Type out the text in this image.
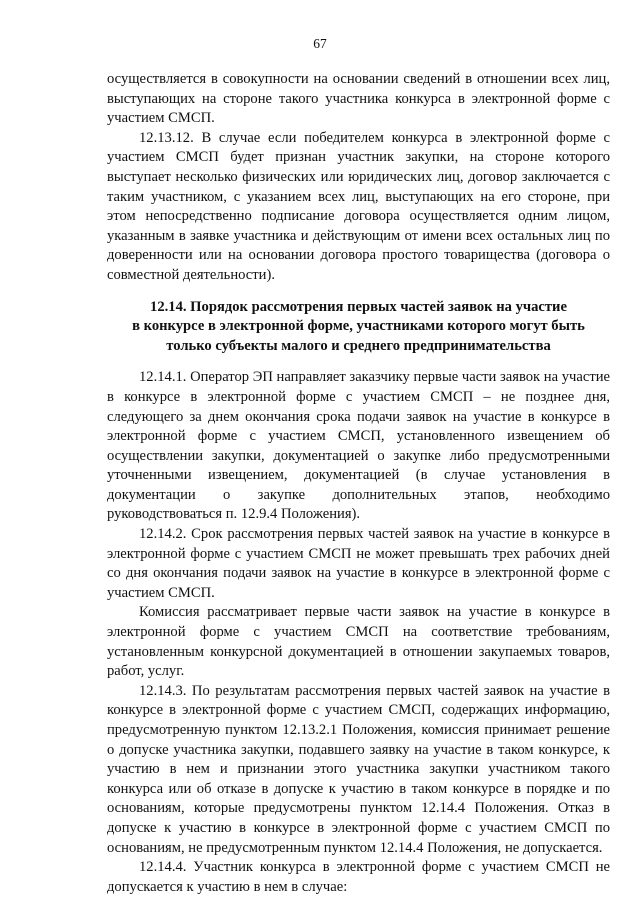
67

осуществляется в совокупности на основании сведений в отношении всех лиц, выступающих на стороне такого участника конкурса в электронной форме с участием СМСП.

12.13.12. В случае если победителем конкурса в электронной форме с участием СМСП будет признан участник закупки, на стороне которого выступает несколько физических или юридических лиц, договор заключается с таким участником, с указанием всех лиц, выступающих на его стороне, при этом непосредственно подписание договора осуществляется одним лицом, указанным в заявке участника и действующим от имени всех остальных лиц по доверенности или на основании договора простого товарищества (договора о совместной деятельности).

12.14. Порядок рассмотрения первых частей заявок на участие
в конкурсе в электронной форме, участниками которого могут быть
только субъекты малого и среднего предпринимательства

12.14.1. Оператор ЭП направляет заказчику первые части заявок на участие в конкурсе в электронной форме с участием СМСП – не позднее дня, следующего за днем окончания срока подачи заявок на участие в конкурсе в электронной форме с участием СМСП, установленного извещением об осуществлении закупки, документацией о закупке либо предусмотренными уточненными извещением, документацией (в случае установления в документации о закупке дополнительных этапов, необходимо руководствоваться п. 12.9.4 Положения).

12.14.2. Срок рассмотрения первых частей заявок на участие в конкурсе в электронной форме с участием СМСП не может превышать трех рабочих дней со дня окончания подачи заявок на участие в конкурсе в электронной форме с участием СМСП.

Комиссия рассматривает первые части заявок на участие в конкурсе в электронной форме с участием СМСП на соответствие требованиям, установленным конкурсной документацией в отношении закупаемых товаров, работ, услуг.

12.14.3. По результатам рассмотрения первых частей заявок на участие в конкурсе в электронной форме с участием СМСП, содержащих информацию, предусмотренную пунктом 12.13.2.1 Положения, комиссия принимает решение о допуске участника закупки, подавшего заявку на участие в таком конкурсе, к участию в нем и признании этого участника закупки участником такого конкурса или об отказе в допуске к участию в таком конкурсе в порядке и по основаниям, которые предусмотрены пунктом 12.14.4 Положения. Отказ в допуске к участию в конкурсе в электронной форме с участием СМСП по основаниям, не предусмотренным пунктом 12.14.4 Положения, не допускается.

12.14.4. Участник конкурса в электронной форме с участием СМСП не допускается к участию в нем в случае:
